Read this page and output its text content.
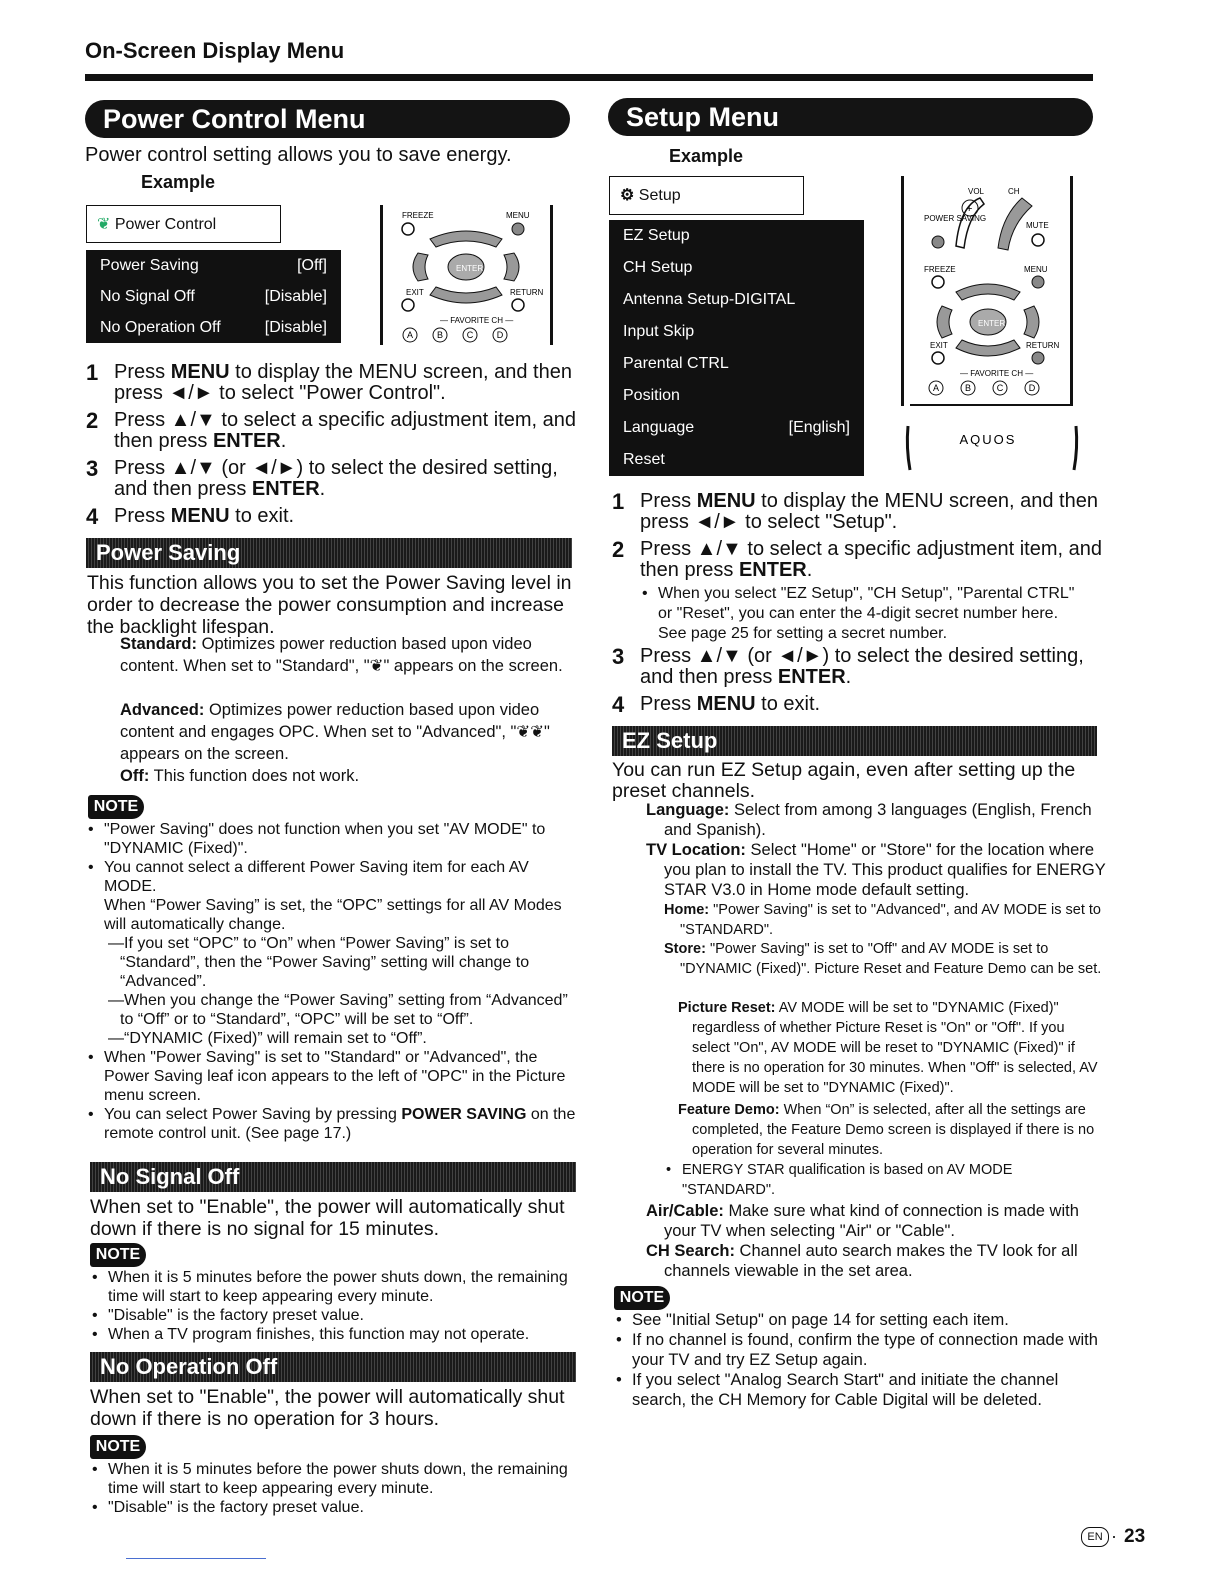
On-Screen Display Menu
Power Control Menu
Power control setting allows you to save energy.
Example
❦ Power Control
Power Saving	[Off]
No Signal Off	[Disable]
No Operation Off	[Disable]
FREEZE	MENU
ENTER
EXIT	RETURN
— FAVORITE CH —
A	B	C	D
1 Press MENU to display the MENU screen, and then press ◄/► to select "Power Control".
2 Press ▲/▼ to select a specific adjustment item, and then press ENTER.
3 Press ▲/▼ (or ◄/►) to select the desired setting, and then press ENTER.
4 Press MENU to exit.
Power Saving
This function allows you to set the Power Saving level in order to decrease the power consumption and increase the backlight lifespan.
Standard: Optimizes power reduction based upon video content. When set to "Standard", "❦" appears on the screen.
Advanced: Optimizes power reduction based upon video content and engages OPC. When set to "Advanced", "❦❦" appears on the screen.
Off: This function does not work.
NOTE
• "Power Saving" does not function when you set "AV MODE" to "DYNAMIC (Fixed)".
• You cannot select a different Power Saving item for each AV MODE.
When “Power Saving” is set, the “OPC” settings for all AV Modes will automatically change.
—If you set “OPC” to “On” when “Power Saving” is set to “Standard”, then the “Power Saving” setting will change to “Advanced”.
—When you change the “Power Saving” setting from “Advanced” to “Off” or to “Standard”, “OPC” will be set to “Off”.
—“DYNAMIC (Fixed)” will remain set to “Off”.
• When "Power Saving" is set to "Standard" or "Advanced", the Power Saving leaf icon appears to the left of "OPC" in the Picture menu screen.
• You can select Power Saving by pressing POWER SAVING on the remote control unit. (See page 17.)
No Signal Off
When set to "Enable", the power will automatically shut down if there is no signal for 15 minutes.
NOTE
• When it is 5 minutes before the power shuts down, the remaining time will start to keep appearing every minute.
• "Disable" is the factory preset value.
• When a TV program finishes, this function may not operate.
No Operation Off
When set to "Enable", the power will automatically shut down if there is no operation for 3 hours.
NOTE
• When it is 5 minutes before the power shuts down, the remaining time will start to keep appearing every minute.
• "Disable" is the factory preset value.
Setup Menu
Example
⚙ Setup
EZ Setup
CH Setup
Antenna Setup-DIGITAL
Input Skip
Parental CTRL
Position
Language	[English]
Reset
VOL	CH
+
POWER SAVING
MUTE
FREEZE	MENU
ENTER
EXIT	RETURN
— FAVORITE CH —
A	B	C	D
AQUOS
1 Press MENU to display the MENU screen, and then press ◄/► to select "Setup".
2 Press ▲/▼ to select a specific adjustment item, and then press ENTER.
• When you select "EZ Setup", "CH Setup", "Parental CTRL" or "Reset", you can enter the 4-digit secret number here. See page 25 for setting a secret number.
3 Press ▲/▼ (or ◄/►) to select the desired setting, and then press ENTER.
4 Press MENU to exit.
EZ Setup
You can run EZ Setup again, even after setting up the preset channels.
Language: Select from among 3 languages (English, French and Spanish).
TV Location: Select "Home" or "Store" for the location where you plan to install the TV. This product qualifies for ENERGY STAR V3.0 in Home mode default setting.
Home: "Power Saving" is set to "Advanced", and AV MODE is set to "STANDARD".
Store: "Power Saving" is set to "Off" and AV MODE is set to "DYNAMIC (Fixed)". Picture Reset and Feature Demo can be set.
Picture Reset: AV MODE will be set to "DYNAMIC (Fixed)" regardless of whether Picture Reset is "On" or "Off". If you select "On", AV MODE will be reset to "DYNAMIC (Fixed)" if there is no operation for 30 minutes. When "Off" is selected, AV MODE will be set to "DYNAMIC (Fixed)".
Feature Demo: When “On” is selected, after all the settings are completed, the Feature Demo screen is displayed if there is no operation for several minutes.
• ENERGY STAR qualification is based on AV MODE "STANDARD".
Air/Cable: Make sure what kind of connection is made with your TV when selecting "Air" or "Cable".
CH Search: Channel auto search makes the TV look for all channels viewable in the set area.
NOTE
• See "Initial Setup" on page 14 for setting each item.
• If no channel is found, confirm the type of connection made with your TV and try EZ Setup again.
• If you select "Analog Search Start" and initiate the channel search, the CH Memory for Cable Digital will be deleted.
EN · 23
